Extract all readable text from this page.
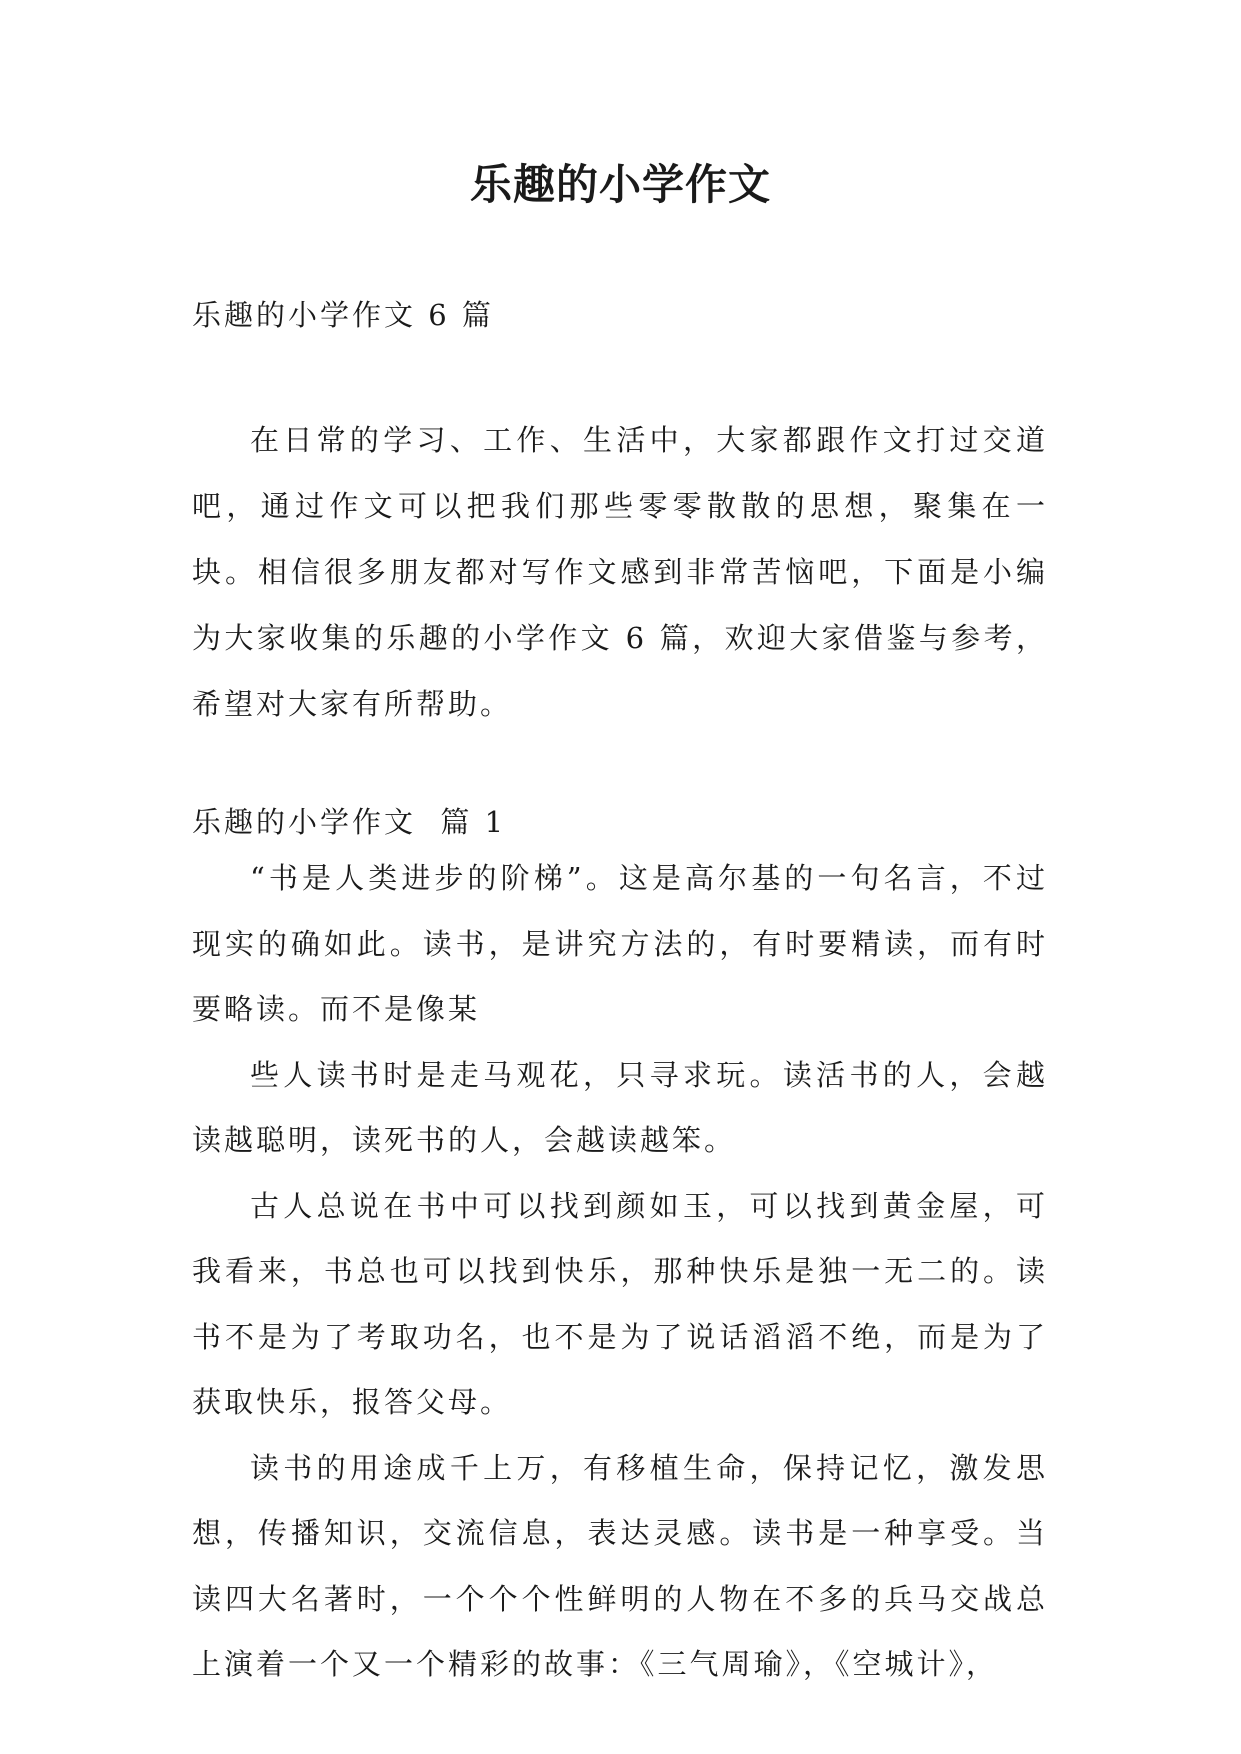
乐趣的小学作文
乐趣的小学作文 6 篇

在日常的学习、工作、生活中，大家都跟作文打过交道吧，通过作文可以把我们那些零零散散的思想，聚集在一块。相信很多朋友都对写作文感到非常苦恼吧，下面是小编为大家收集的乐趣的小学作文 6 篇，欢迎大家借鉴与参考，希望对大家有所帮助。

乐趣的小学作文  篇 1

“书是人类进步的阶梯”。这是高尔基的一句名言，不过现实的确如此。读书，是讲究方法的，有时要精读，而有时要略读。而不是像某

些人读书时是走马观花，只寻求玩。读活书的人，会越读越聪明，读死书的人，会越读越笨。

古人总说在书中可以找到颜如玉，可以找到黄金屋，可我看来，书总也可以找到快乐，那种快乐是独一无二的。读书不是为了考取功名，也不是为了说话滔滔不绝，而是为了获取快乐，报答父母。

读书的用途成千上万，有移植生命，保持记忆，激发思想，传播知识，交流信息，表达灵感。读书是一种享受。当读四大名著时，一个个个性鲜明的人物在不多的兵马交战总上演着一个又一个精彩的故事：《三气周瑜》，《空城计》，
